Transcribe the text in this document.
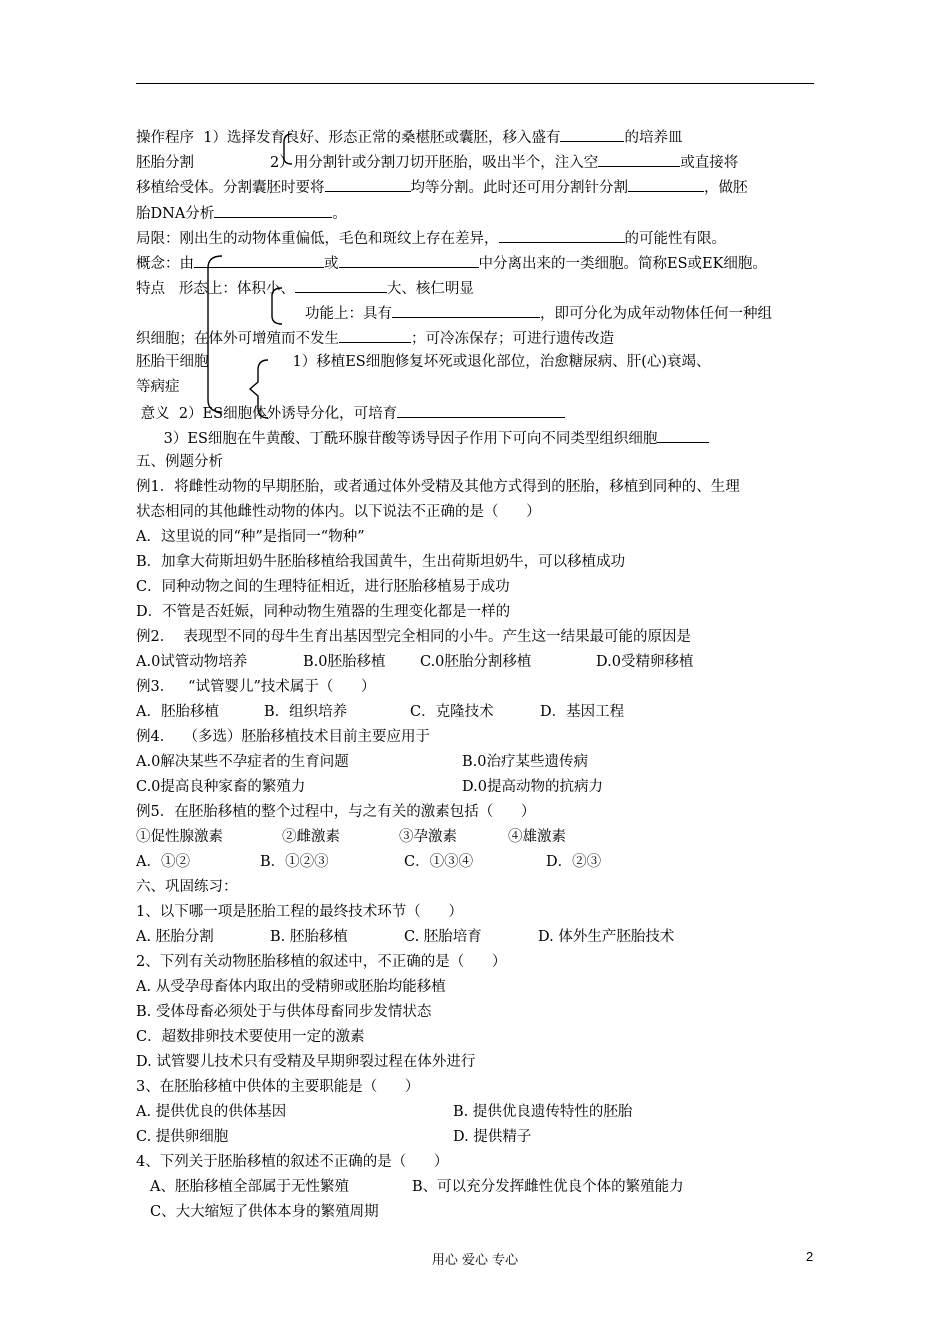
操作程序  1）选择发育良好、形态正常的桑椹胚或囊胚，移入盛有	的培养皿
胚胎分割	2）用分割针或分割刀切开胚胎，吸出半个，注入空	或直接将
移植给受体。分割囊胚时要将	均等分割。此时还可用分割针分割	，做胚
胎DNA分析	。
局限：刚出生的动物体重偏低，毛色和斑纹上存在差异，	的可能性有限。
概念：由	或	中分离出来的一类细胞。简称ES或EK细胞。
特点   形态上：体积小、	大、核仁明显
功能上：具有	，即可分化为成年动物体任何一种组
织细胞；在体外可增殖而不发生	；可冷冻保存；可进行遗传改造
胚胎干细胞	1）移植ES细胞修复坏死或退化部位，治愈糖尿病、肝(心)衰竭、
等病症
意义  2）ES细胞体外诱导分化，可培育
3）ES细胞在牛黄酸、丁酰环腺苷酸等诱导因子作用下可向不同类型组织细胞
五、例题分析
例1．将雌性动物的早期胚胎，或者通过体外受精及其他方式得到的胚胎，移植到同种的、生理
状态相同的其他雌性动物的体内。以下说法不正确的是（      ）
A．这里说的同“种”是指同一“物种”
B．加拿大荷斯坦奶牛胚胎移植给我国黄牛，生出荷斯坦奶牛，可以移植成功
C．同种动物之间的生理特征相近，进行胚胎移植易于成功
D．不管是否妊娠，同种动物生殖器的生理变化都是一样的
例2．  表现型不同的母牛生育出基因型完全相同的小牛。产生这一结果最可能的原因是
A.0试管动物培养	B.0胚胎移植 C.0胚胎分割移植	D.0受精卵移植
例3．   “试管婴儿”技术属于（      ）
A．胚胎移植	B．组织培养	C．克隆技术	D．基因工程
例4．  （多选）胚胎移植技术目前主要应用于
A.0解决某些不孕症者的生育问题	B.0治疗某些遗传病
C.0提高良种家畜的繁殖力	D.0提高动物的抗病力
例5．在胚胎移植的整个过程中，与之有关的激素包括（      ）
①促性腺激素	②雌激素	③孕激素	④雄激素
A．①②	B．①②③	C．①③④	D．②③
六、巩固练习：
1、以下哪一项是胚胎工程的最终技术环节（      ）
A. 胚胎分割	B. 胚胎移植	C. 胚胎培育	D. 体外生产胚胎技术
2、下列有关动物胚胎移植的叙述中，不正确的是（      ）
A. 从受孕母畜体内取出的受精卵或胚胎均能移植
B. 受体母畜必须处于与供体母畜同步发情状态
C．超数排卵技术要使用一定的激素
D. 试管婴儿技术只有受精及早期卵裂过程在体外进行
3、在胚胎移植中供体的主要职能是（      ）
A. 提供优良的供体基因	B. 提供优良遗传特性的胚胎
C. 提供卵细胞	D. 提供精子
4、下列关于胚胎移植的叙述不正确的是（      ）
A、胚胎移植全部属于无性繁殖	B、可以充分发挥雌性优良个体的繁殖能力
C、大大缩短了供体本身的繁殖周期
用心 爱心 专心	2
